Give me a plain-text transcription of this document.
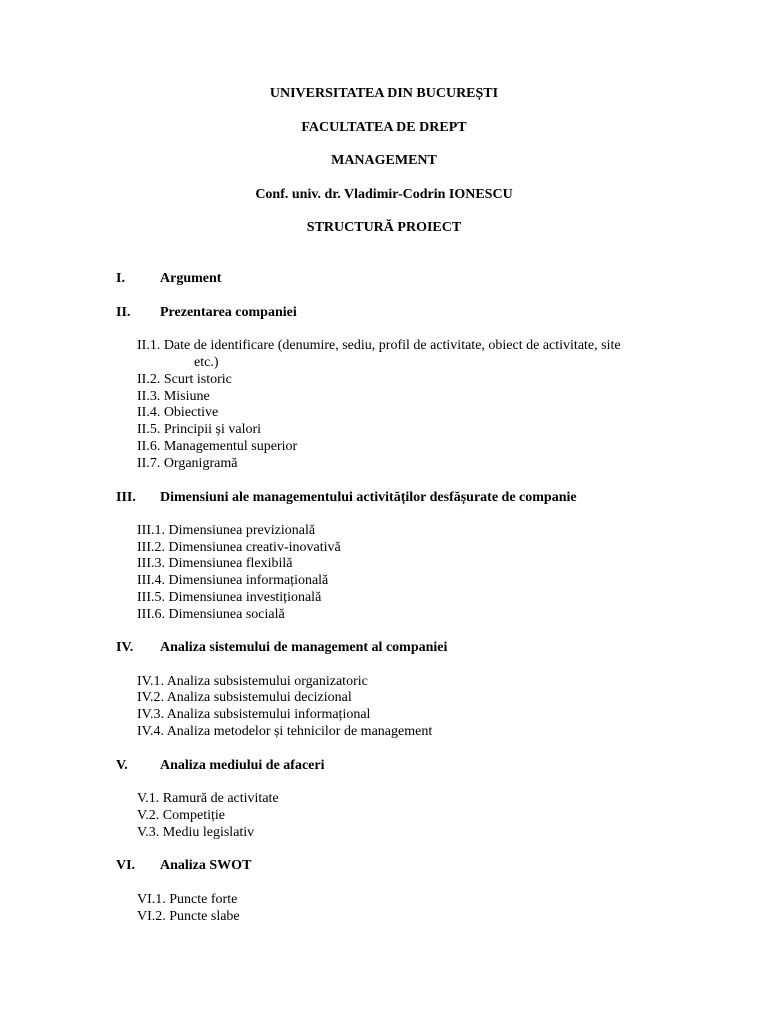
UNIVERSITATEA DIN BUCUREȘTI
FACULTATEA DE DREPT
MANAGEMENT
Conf. univ. dr. Vladimir-Codrin IONESCU
STRUCTURĂ PROIECT
I.	Argument
II. Prezentarea companiei
II.1. Date de identificare (denumire, sediu, profil de activitate, obiect de activitate, site
etc.)
II.2. Scurt istoric
II.3. Misiune
II.4. Obiective
II.5. Principii și valori
II.6. Managementul superior
II.7. Organigramă
III. Dimensiuni ale managementului activităților desfășurate de companie
III.1. Dimensiunea previzională
III.2. Dimensiunea creativ-inovativă
III.3. Dimensiunea flexibilă
III.4. Dimensiunea informațională
III.5. Dimensiunea investițională
III.6. Dimensiunea socială
IV. Analiza sistemului de management al companiei
IV.1. Analiza subsistemului organizatoric
IV.2. Analiza subsistemului decizional
IV.3. Analiza subsistemului informațional
IV.4. Analiza metodelor și tehnicilor de management
V. Analiza mediului de afaceri
V.1. Ramură de activitate
V.2. Competiție
V.3. Mediu legislativ
VI. Analiza SWOT
VI.1. Puncte forte
VI.2. Puncte slabe
